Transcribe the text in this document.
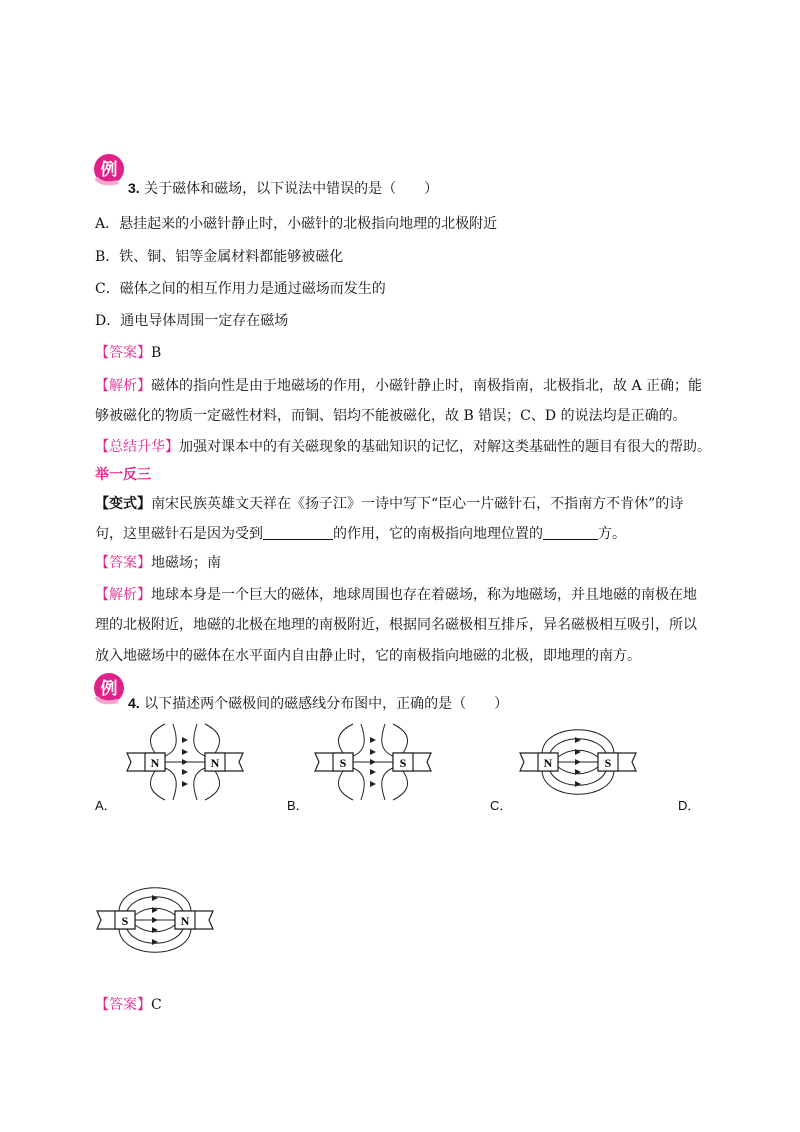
例
3. 关于磁体和磁场，以下说法中错误的是（　　）
A．悬挂起来的小磁针静止时，小磁针的北极指向地理的北极附近
B．铁、铜、铝等金属材料都能够被磁化
C．磁体之间的相互作用力是通过磁场而发生的
D．通电导体周围一定存在磁场
【答案】B
【解析】磁体的指向性是由于地磁场的作用，小磁针静止时，南极指南，北极指北，故 A 正确；能
够被磁化的物质一定磁性材料，而铜、铝均不能被磁化，故 B 错误；C、D 的说法均是正确的。
【总结升华】加强对课本中的有关磁现象的基础知识的记忆，对解这类基础性的题目有很大的帮助。
举一反三
【变式】南宋民族英雄文天祥在《扬子江》一诗中写下“臣心一片磁针石，不指南方不肯休”的诗
句，这里磁针石是因为受到	的作用，它的南极指向地理位置的	方。
【答案】地磁场；南
【解析】地球本身是一个巨大的磁体，地球周围也存在着磁场，称为地磁场，并且地磁的南极在地
理的北极附近，地磁的北极在地理的南极附近，根据同名磁极相互排斥，异名磁极相互吸引，所以
放入地磁场中的磁体在水平面内自由静止时，它的南极指向地磁的北极，即地理的南方。
例
4. 以下描述两个磁极间的磁感线分布图中，正确的是（　　）
A．	B．	C．	D．
N	N	S	S	N	S
S	N
【答案】C
